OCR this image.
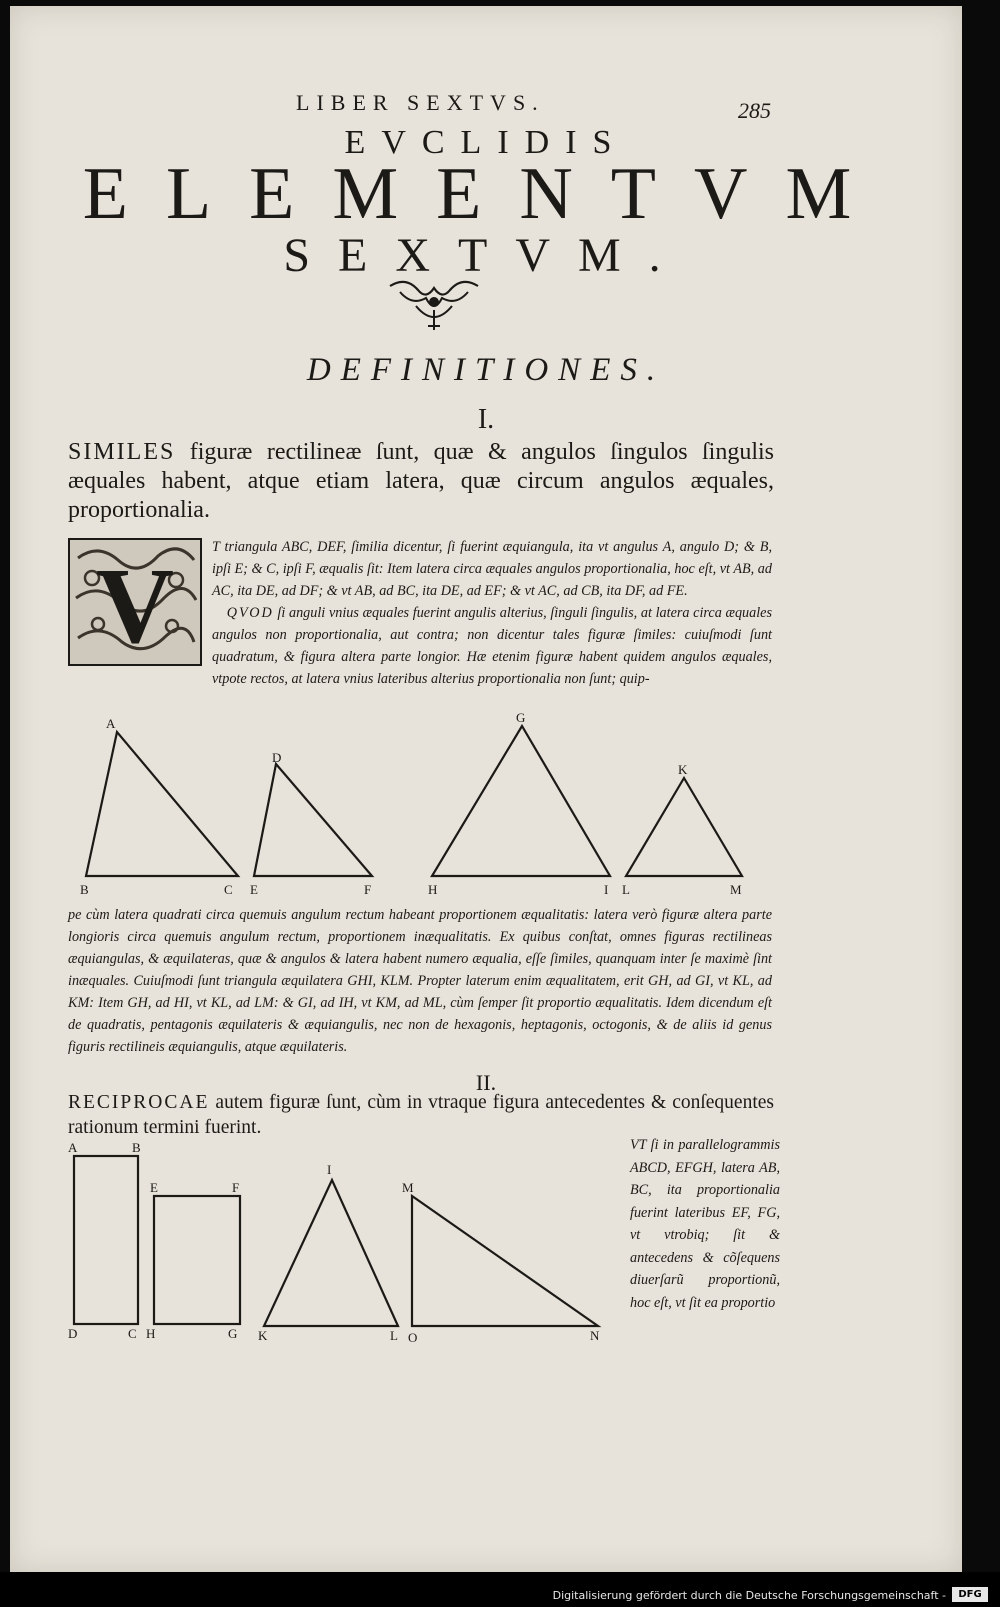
LIBER SEXTVS.	285
EVCLIDIS
ELEMENTVM
SEXTVM.
DEFINITIONES.
I.
SIMILES figuræ rectilineæ ſunt, quæ & angulos ſingulos ſingulis æquales habent, atque etiam latera, quæ circum angulos æquales, proportionalia.
V	T triangula ABC, DEF, ſimilia dicentur, ſi fuerint æquiangula, ita vt angulus A, angulo D; & B, ipſi E; & C, ipſi F, æqualis ſit: Item latera circa æquales angulos proportionalia, hoc eſt, vt AB, ad AC, ita DE, ad DF; & vt AB, ad BC, ita DE, ad EF; & vt AC, ad CB, ita DF, ad FE.
QVOD ſi anguli vnius æquales fuerint angulis alterius, ſinguli ſingulis, at latera circa æquales angulos non proportionalia, aut contra; non dicentur tales figuræ ſimiles: cuiuſmodi ſunt quadratum, & figura altera parte longior. Hæ etenim figuræ habent quidem angulos æquales, vtpote rectos, at latera vnius lateribus alterius proportionalia non ſunt; quip-
pe cùm latera quadrati circa quemuis angulum rectum habeant proportionem æqualitatis: latera verò figuræ altera parte longioris circa quemuis angulum rectum, proportionem inæqualitatis. Ex quibus conſtat, omnes figuras rectilineas æquiangulas, & æquilateras, quæ & angulos & latera habent numero æqualia, eſſe ſimiles, quanquam inter ſe maximè ſint inæquales. Cuiuſmodi ſunt triangula æquilatera GHI, KLM. Propter laterum enim æqualitatem, erit GH, ad GI, vt KL, ad KM: Item GH, ad HI, vt KL, ad LM: & GI, ad IH, vt KM, ad ML, cùm ſemper ſit proportio æqualitatis. Idem dicendum eſt de quadratis, pentagonis æquilateris & æquiangulis, nec non de hexagonis, heptagonis, octogonis, & de aliis id genus figuris rectilineis æquiangulis, atque æquilateris.
II.
RECIPROCAE autem figuræ ſunt, cùm in vtraque figura antecedentes & conſequentes rationum termini fuerint.
VT ſi in parallelogrammis ABCD, EFGH, latera AB, BC, ita proportionalia fuerint lateribus EF, FG, vt vtrobiq; ſit & antecedens & cõſequens diuerſarũ proportionũ, hoc eſt, vt ſit ea proportio
A
B	C
D
E	F
G
H	I
K
L	M
A	B
D	C
E	F
H	G
I
K	L
M
O	N
Digitalisierung gefördert durch die Deutsche Forschungsgemeinschaft -	DFG
